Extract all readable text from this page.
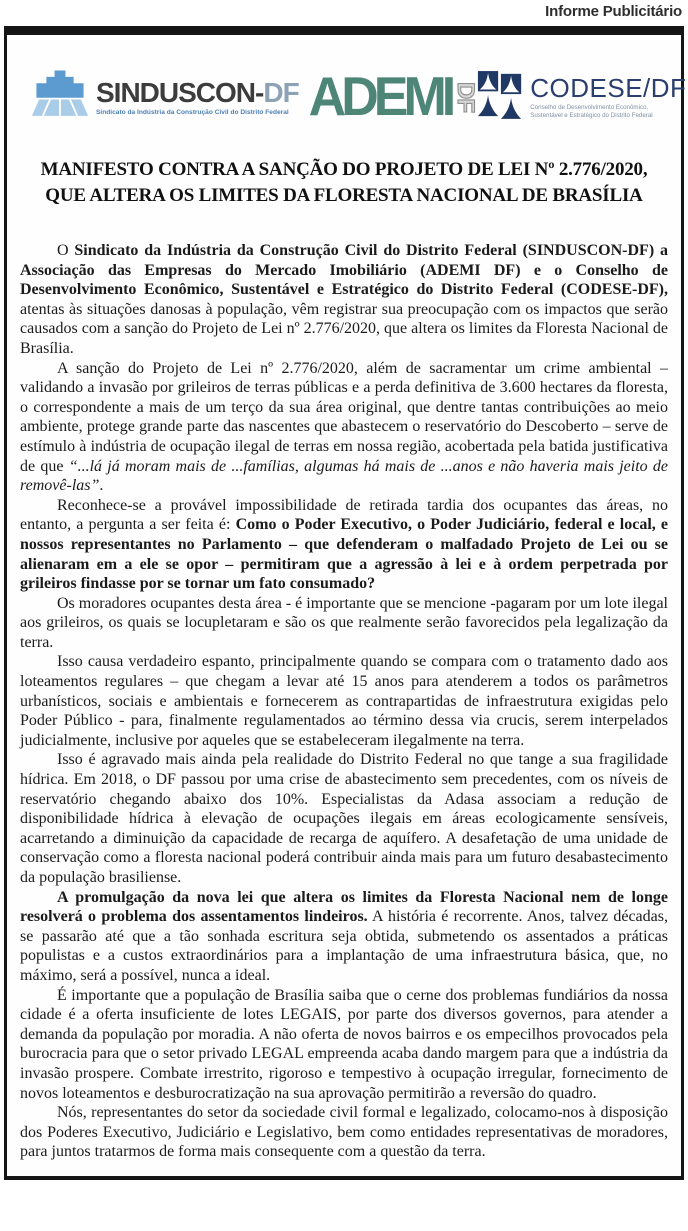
Informe Publicitário
SINDUSCON-DF
Sindicato da Indústria da Construção Civil do Distrito Federal ADEMI DF CODESE/DF
Conselho de Desenvolvimento Econômico,
Sustentável e Estratégico do Distrito Federal
MANIFESTO CONTRA A SANÇÃO DO PROJETO DE LEI Nº 2.776/2020, QUE ALTERA OS LIMITES DA FLORESTA NACIONAL DE BRASÍLIA

O Sindicato da Indústria da Construção Civil do Distrito Federal (SINDUSCON-DF) a Associação das Empresas do Mercado Imobiliário (ADEMI DF) e o Conselho de Desenvolvimento Econômico, Sustentável e Estratégico do Distrito Federal (CODESE-DF), atentas às situações danosas à população, vêm registrar sua preocupação com os impactos que serão causados com a sanção do Projeto de Lei nº 2.776/2020, que altera os limites da Floresta Nacional de Brasília.

A sanção do Projeto de Lei nº 2.776/2020, além de sacramentar um crime ambiental – validando a invasão por grileiros de terras públicas e a perda definitiva de 3.600 hectares da floresta, o correspondente a mais de um terço da sua área original, que dentre tantas contribuições ao meio ambiente, protege grande parte das nascentes que abastecem o reservatório do Descoberto – serve de estímulo à indústria de ocupação ilegal de terras em nossa região, acobertada pela batida justificativa de que “...lá já moram mais de ...famílias, algumas há mais de ...anos e não haveria mais jeito de removê-las”.

Reconhece-se a provável impossibilidade de retirada tardia dos ocupantes das áreas, no entanto, a pergunta a ser feita é: Como o Poder Executivo, o Poder Judiciário, federal e local, e nossos representantes no Parlamento – que defenderam o malfadado Projeto de Lei ou se alienaram em a ele se opor – permitiram que a agressão à lei e à ordem perpetrada por grileiros findasse por se tornar um fato consumado?

Os moradores ocupantes desta área - é importante que se mencione -pagaram por um lote ilegal aos grileiros, os quais se locupletaram e são os que realmente serão favorecidos pela legalização da terra.

Isso causa verdadeiro espanto, principalmente quando se compara com o tratamento dado aos loteamentos regulares – que chegam a levar até 15 anos para atenderem a todos os parâmetros urbanísticos, sociais e ambientais e fornecerem as contrapartidas de infraestrutura exigidas pelo Poder Público - para, finalmente regulamentados ao término dessa via crucis, serem interpelados judicialmente, inclusive por aqueles que se estabeleceram ilegalmente na terra.

Isso é agravado mais ainda pela realidade do Distrito Federal no que tange a sua fragilidade hídrica. Em 2018, o DF passou por uma crise de abastecimento sem precedentes, com os níveis de reservatório chegando abaixo dos 10%. Especialistas da Adasa associam a redução de disponibilidade hídrica à elevação de ocupações ilegais em áreas ecologicamente sensíveis, acarretando a diminuição da capacidade de recarga de aquífero. A desafetação de uma unidade de conservação como a floresta nacional poderá contribuir ainda mais para um futuro desabastecimento da população brasiliense.

A promulgação da nova lei que altera os limites da Floresta Nacional nem de longe resolverá o problema dos assentamentos lindeiros. A história é recorrente. Anos, talvez décadas, se passarão até que a tão sonhada escritura seja obtida, submetendo os assentados a práticas populistas e a custos extraordinários para a implantação de uma infraestrutura básica, que, no máximo, será a possível, nunca a ideal.

É importante que a população de Brasília saiba que o cerne dos problemas fundiários da nossa cidade é a oferta insuficiente de lotes LEGAIS, por parte dos diversos governos, para atender a demanda da população por moradia. A não oferta de novos bairros e os empecilhos provocados pela burocracia para que o setor privado LEGAL empreenda acaba dando margem para que a indústria da invasão prospere. Combate irrestrito, rigoroso e tempestivo à ocupação irregular, fornecimento de novos loteamentos e desburocratização na sua aprovação permitirão a reversão do quadro.

Nós, representantes do setor da sociedade civil formal e legalizado, colocamo-nos à disposição dos Poderes Executivo, Judiciário e Legislativo, bem como entidades representativas de moradores, para juntos tratarmos de forma mais consequente com a questão da terra.
